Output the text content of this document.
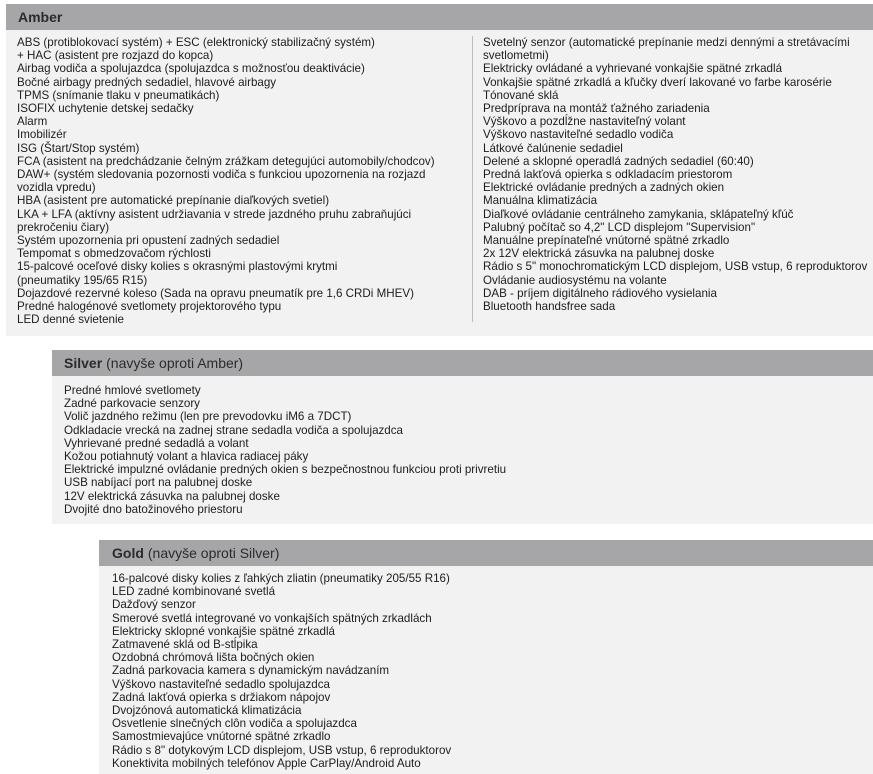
Amber
ABS (protiblokovací systém) + ESC (elektronický stabilizačný systém)
+ HAC (asistent pre rozjazd do kopca)
Airbag vodiča a spolujazdca (spolujazdca s možnosťou deaktivácie)
Bočné airbagy predných sedadiel, hlavové airbagy
TPMS (snímanie tlaku v pneumatikách)
ISOFIX uchytenie detskej sedačky
Alarm
Imobilizér
ISG (Štart/Stop systém)
FCA (asistent na predchádzanie čelným zrážkam detegujúci automobily/chodcov)
DAW+ (systém sledovania pozornosti vodiča s funkciou upozornenia na rozjazd
vozidla vpredu)
HBA (asistent pre automatické prepínanie diaľkových svetiel)
LKA + LFA (aktívny asistent udržiavania v strede jazdného pruhu zabraňujúci
prekročeniu čiary)
Systém upozornenia pri opustení zadných sedadiel
Tempomat s obmedzovačom rýchlosti
15-palcové oceľové disky kolies s okrasnými plastovými krytmi
(pneumatiky 195/65 R15)
Dojazdové rezervné koleso (Sada na opravu pneumatík pre 1,6 CRDi MHEV)
Predné halogénové svetlomety projektorového typu
LED denné svietenie
Svetelný senzor (automatické prepínanie medzi dennými a stretávacími
svetlometmi)
Elektricky ovládané a vyhrievané vonkajšie spätné zrkadlá
Vonkajšie spätné zrkadlá a kľučky dverí lakované vo farbe karosérie
Tónované sklá
Predpríprava na montáž ťažného zariadenia
Výškovo a pozdĺžne nastaviteľný volant
Výškovo nastaviteľné sedadlo vodiča
Látkové čalúnenie sedadiel
Delené a sklopné operadlá zadných sedadiel (60:40)
Predná lakťová opierka s odkladacím priestorom
Elektrické ovládanie predných a zadných okien
Manuálna klimatizácia
Diaľkové ovládanie centrálneho zamykania, sklápateľný kľúč
Palubný počítač so 4,2" LCD displejom "Supervision"
Manuálne prepínateľné vnútorné spätné zrkadlo
2x 12V elektrická zásuvka na palubnej doske
Rádio s 5" monochromatickým LCD displejom, USB vstup, 6 reproduktorov
Ovládanie audiosystému na volante
DAB - príjem digitálneho rádiového vysielania
Bluetooth handsfree sada
Silver (navyše oproti Amber)
Predné hmlové svetlomety
Zadné parkovacie senzory
Volič jazdného režimu (len pre prevodovku iM6 a 7DCT)
Odkladacie vrecká na zadnej strane sedadla vodiča a spolujazdca
Vyhrievané predné sedadlá a volant
Kožou potiahnutý volant a hlavica radiacej páky
Elektrické impulzné ovládanie predných okien s bezpečnostnou funkciou proti privretiu
USB nabíjací port na palubnej doske
12V elektrická zásuvka na palubnej doske
Dvojité dno batožinového priestoru
Gold (navyše oproti Silver)
16-palcové disky kolies z ľahkých zliatin (pneumatiky 205/55 R16)
LED zadné kombinované svetlá
Dažďový senzor
Smerové svetlá integrované vo vonkajších spätných zrkadlách
Elektricky sklopné vonkajšie spätné zrkadlá
Zatmavené sklá od B-stĺpika
Ozdobná chrómová lišta bočných okien
Zadná parkovacia kamera s dynamickým navádzaním
Výškovo nastaviteľné sedadlo spolujazdca
Zadná lakťová opierka s držiakom nápojov
Dvojzónová automatická klimatizácia
Osvetlenie slnečných clôn vodiča a spolujazdca
Samostmievajúce vnútorné spätné zrkadlo
Rádio s 8" dotykovým LCD displejom, USB vstup, 6 reproduktorov
Konektivita mobilných telefónov Apple CarPlay/Android Auto
